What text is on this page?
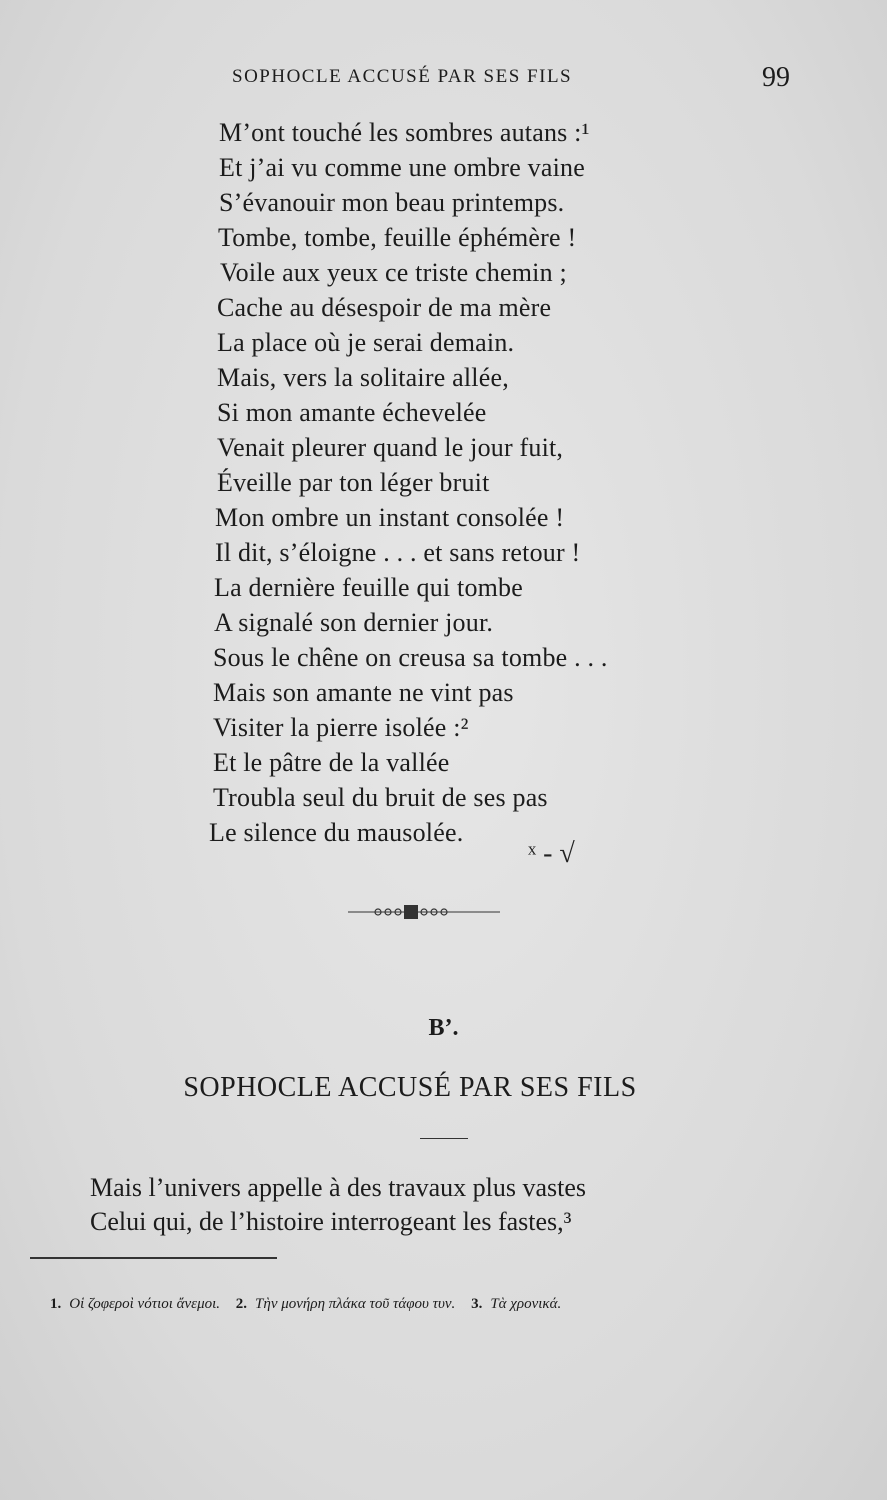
SOPHOCLE ACCUSÉ PAR SES FILS	99
M’ont touché les sombres autans :¹
Et j’ai vu comme une ombre vaine
S’évanouir mon beau printemps.
Tombe, tombe, feuille éphémère !
Voile aux yeux ce triste chemin ;
Cache au désespoir de ma mère
La place où je serai demain.
Mais, vers la solitaire allée,
Si mon amante échevelée
Venait pleurer quand le jour fuit,
Éveille par ton léger bruit
Mon ombre un instant consolée !
Il dit, s’éloigne . . . et sans retour !
La dernière feuille qui tombe
A signalé son dernier jour.
Sous le chêne on creusa sa tombe . . .
Mais son amante ne vint pas
Visiter la pierre isolée :²
Et le pâtre de la vallée
Troubla seul du bruit de ses pas
Le silence du mausolée.
ˣ - √
B’.
SOPHOCLE ACCUSÉ PAR SES FILS
Mais l’univers appelle à des travaux plus vastes
Celui qui, de l’histoire interrogeant les fastes,³
1. Οἱ ζοφεροὶ νότιοι ἄνεμοι. 2. Τὴν μονήρη πλάκα τοῦ τάφου τυν. 3. Τὰ χρονικά.
